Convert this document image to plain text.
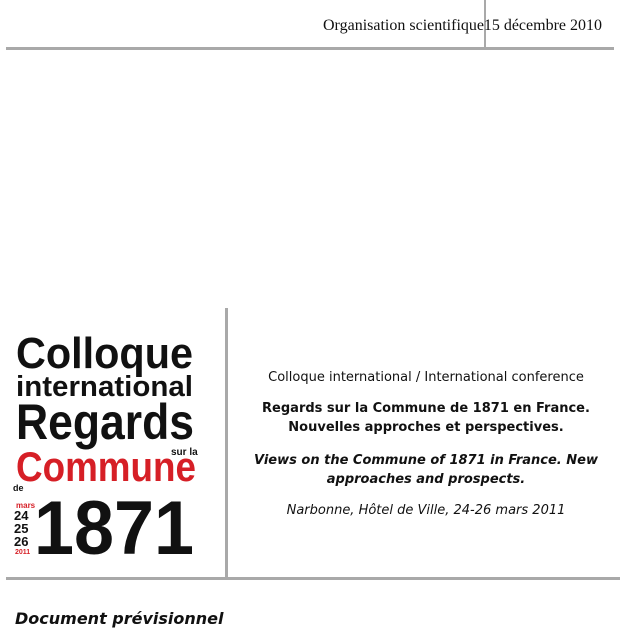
Organisation scientifique 15 décembre 2010
Colloque
international
Regards
sur la
Commune
de
mars
24
25
26
2011 1871

Colloque international / International conference

Regards sur la Commune de 1871 en France. Nouvelles approches et perspectives.

Views on the Commune of 1871 in France. New approaches and prospects.

Narbonne, Hôtel de Ville, 24-26 mars 2011

Document prévisionnel
